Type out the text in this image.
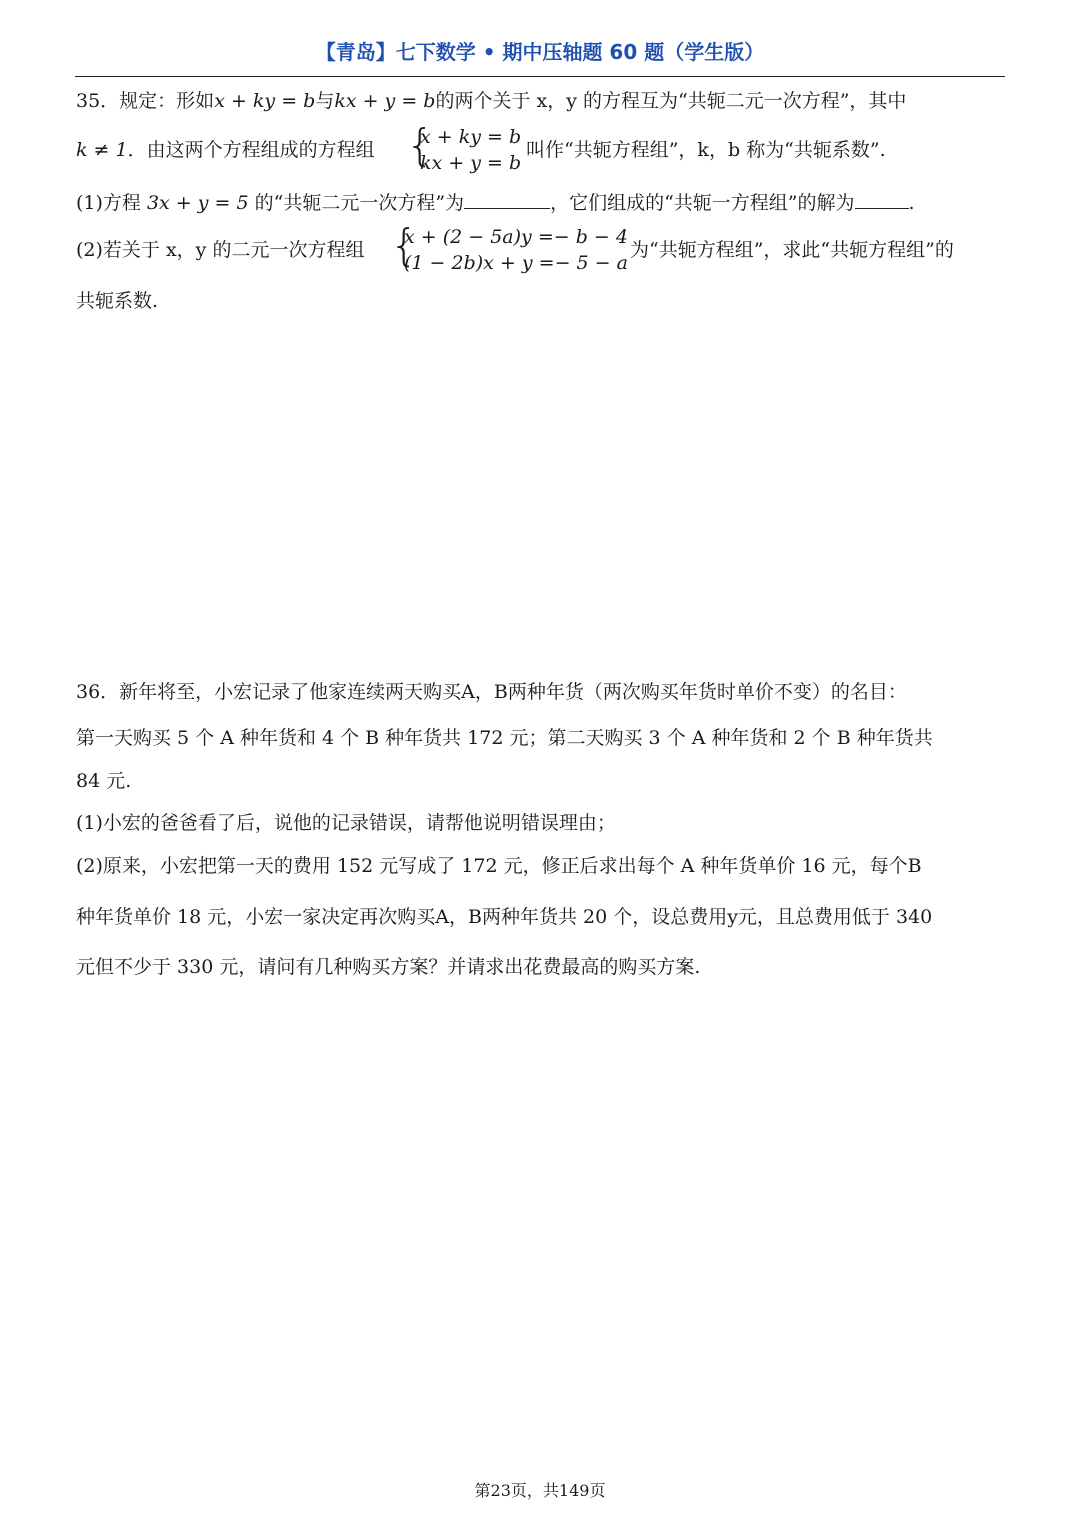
【青岛】七下数学 • 期中压轴题 60 题（学生版）
35．规定：形如x + ky = b与kx + y = b的两个关于 x，y 的方程互为“共轭二元一次方程”，其中
k ≠ 1．由这两个方程组成的方程组 {
x + ky = b
kx + y = b
叫作“共轭方程组”，k，b 称为“共轭系数”.
(1)方程 3x + y = 5 的“共轭二元一次方程”为	，它们组成的“共轭一方程组”的解为	.
(2)若关于 x，y 的二元一次方程组 {
x + (2 − 5a)y =− b − 4
(1 − 2b)x + y =− 5 − a
为“共轭方程组”，求此“共轭方程组”的
共轭系数.
36．新年将至，小宏记录了他家连续两天购买A，B两种年货（两次购买年货时单价不变）的名目：
第一天购买 5 个 A 种年货和 4 个 B 种年货共 172 元；第二天购买 3 个 A 种年货和 2 个 B 种年货共
84 元.
(1)小宏的爸爸看了后，说他的记录错误，请帮他说明错误理由；
(2)原来，小宏把第一天的费用 152 元写成了 172 元，修正后求出每个 A 种年货单价 16 元，每个B
种年货单价 18 元，小宏一家决定再次购买A，B两种年货共 20 个，设总费用y元，且总费用低于 340
元但不少于 330 元，请问有几种购买方案？并请求出花费最高的购买方案.
第23页，共149页
